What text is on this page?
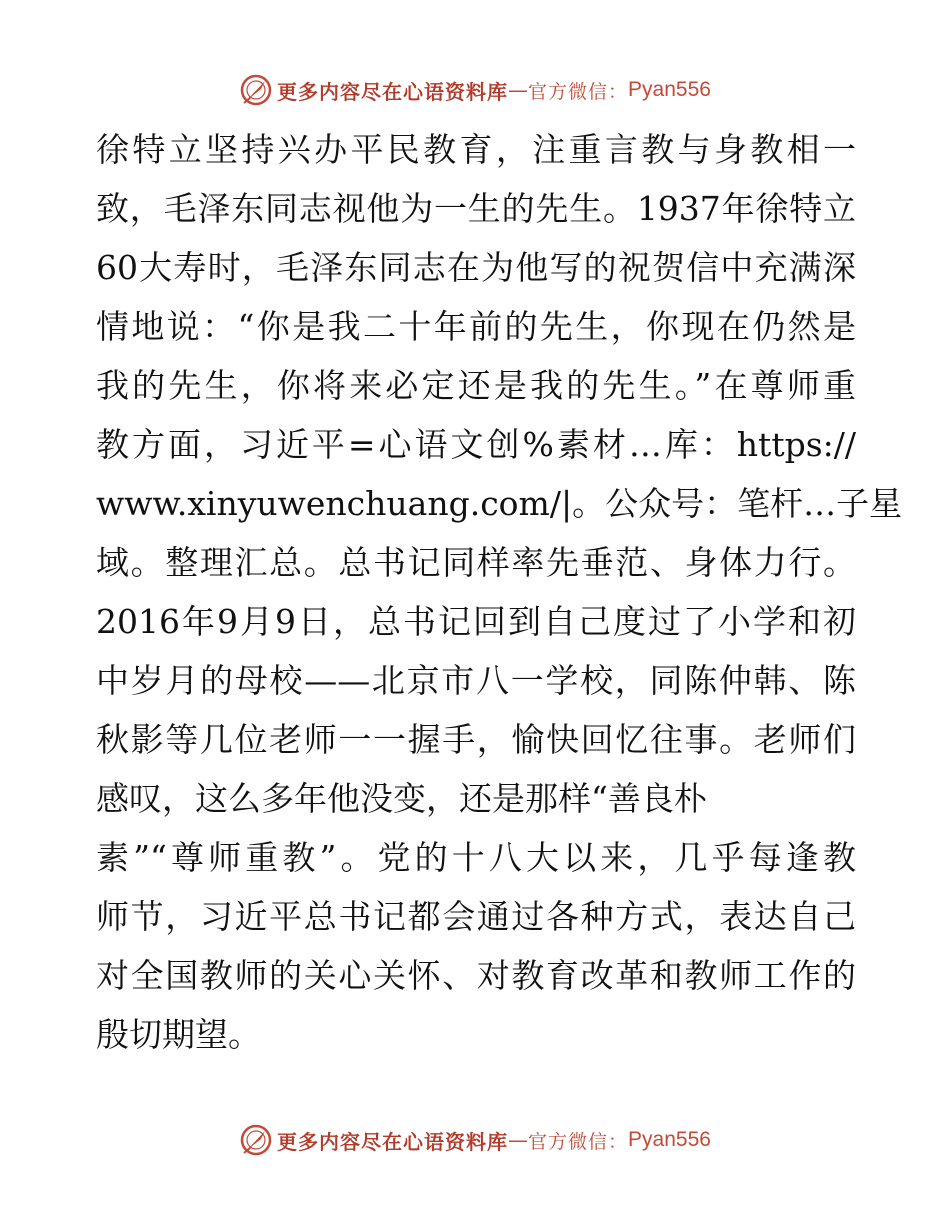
更多内容尽在心语资料库 — 官方微信： Pyan556
徐特立坚持兴办平民教育，注重言教与身教相一
致，毛泽东同志视他为一生的先生。1937年徐特立
60大寿时，毛泽东同志在为他写的祝贺信中充满深
情地说：“你是我二十年前的先生，你现在仍然是
我的先生，你将来必定还是我的先生。”在尊师重
教方面，习近平=心语文创%素材…库：https://
www.xinyuwenchuang.com/|。公众号：笔杆…子星
域。整理汇总。总书记同样率先垂范、身体力行。
2016年9月9日，总书记回到自己度过了小学和初
中岁月的母校——北京市八一学校，同陈仲韩、陈
秋影等几位老师一一握手，愉快回忆往事。老师们
感叹，这么多年他没变，还是那样“善良朴
素”“尊师重教”。党的十八大以来，几乎每逢教
师节，习近平总书记都会通过各种方式，表达自己
对全国教师的关心关怀、对教育改革和教师工作的
殷切期望。
更多内容尽在心语资料库 — 官方微信： Pyan556
